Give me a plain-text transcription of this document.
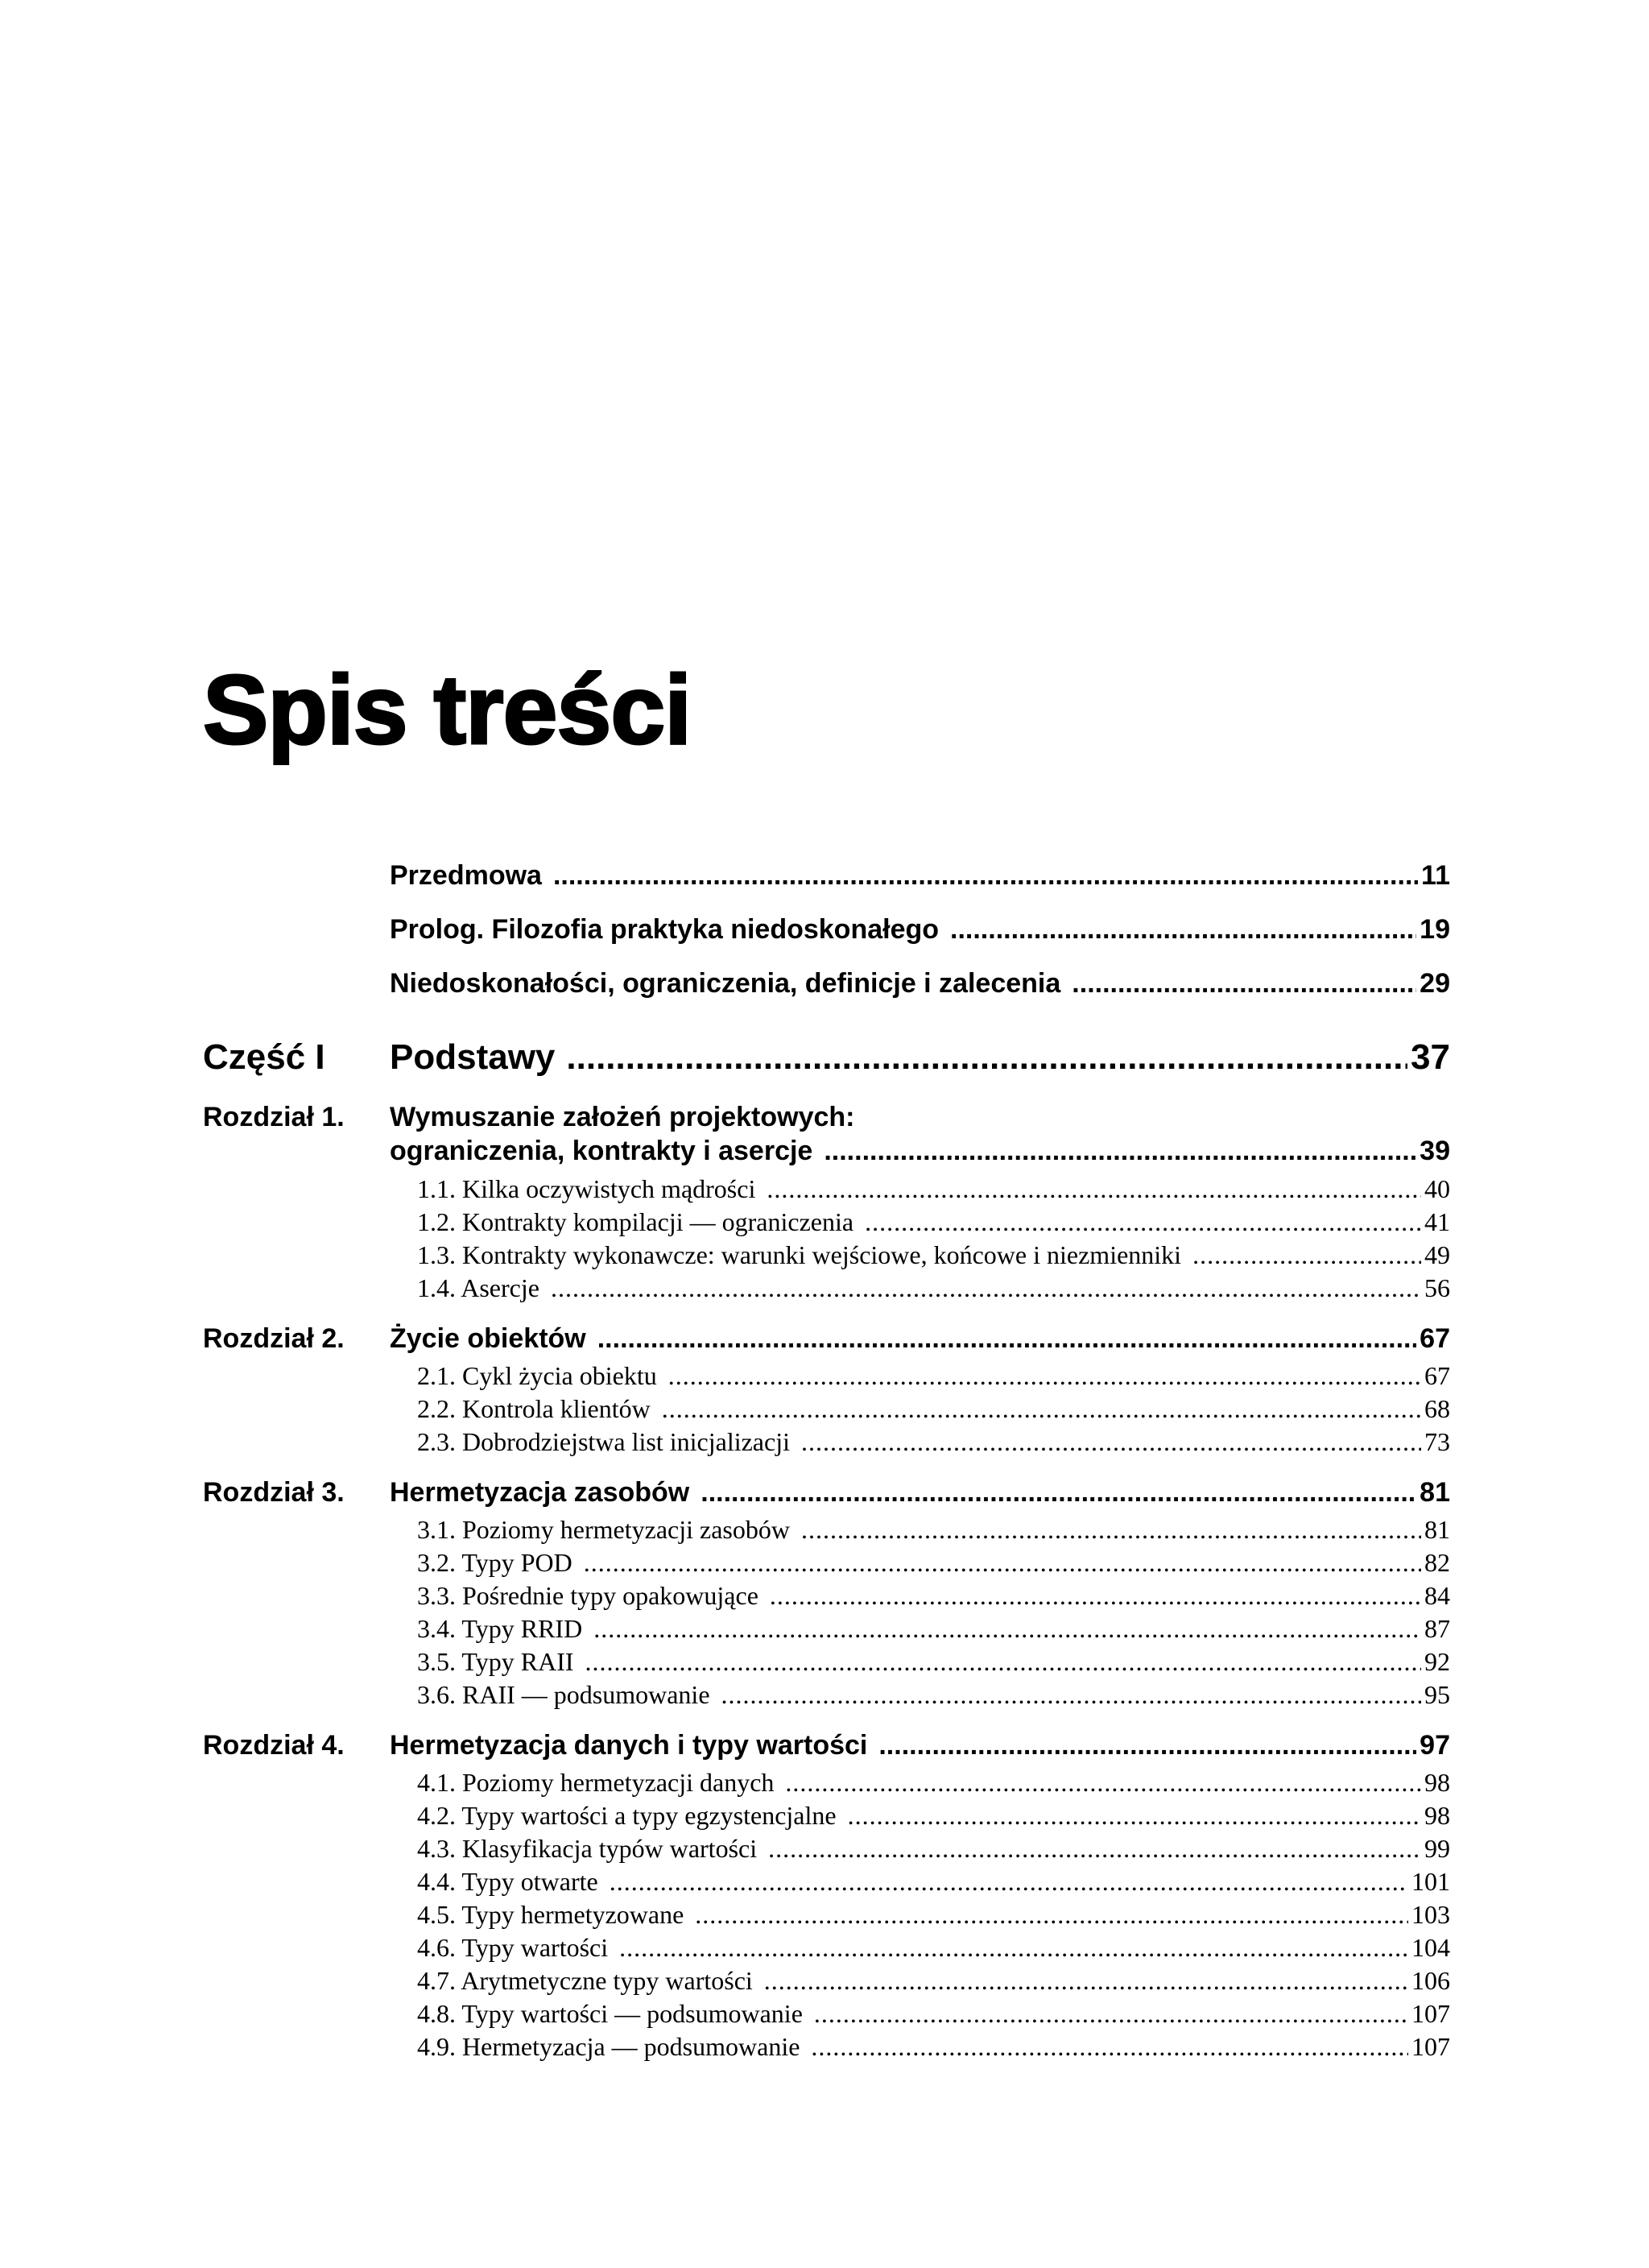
Spis treści
Przedmowa .....	11
Prolog. Filozofia praktyka niedoskonałego .....	19
Niedoskonałości, ograniczenia, definicje i zalecenia .....	29
Część I Podstawy .....	37
Rozdział 1. Wymuszanie założeń projektowych:
ograniczenia, kontrakty i asercje .....	39
1.1. Kilka oczywistych mądrości .....	40
1.2. Kontrakty kompilacji — ograniczenia .....	41
1.3. Kontrakty wykonawcze: warunki wejściowe, końcowe i niezmienniki .....	49
1.4. Asercje .....	56
Rozdział 2. Życie obiektów .....	67
2.1. Cykl życia obiektu .....	67
2.2. Kontrola klientów .....	68
2.3. Dobrodziejstwa list inicjalizacji .....	73
Rozdział 3. Hermetyzacja zasobów .....	81
3.1. Poziomy hermetyzacji zasobów .....	81
3.2. Typy POD .....	82
3.3. Pośrednie typy opakowujące .....	84
3.4. Typy RRID .....	87
3.5. Typy RAII .....	92
3.6. RAII — podsumowanie .....	95
Rozdział 4. Hermetyzacja danych i typy wartości .....	97
4.1. Poziomy hermetyzacji danych .....	98
4.2. Typy wartości a typy egzystencjalne .....	98
4.3. Klasyfikacja typów wartości .....	99
4.4. Typy otwarte .....	101
4.5. Typy hermetyzowane .....	103
4.6. Typy wartości .....	104
4.7. Arytmetyczne typy wartości .....	106
4.8. Typy wartości — podsumowanie .....	107
4.9. Hermetyzacja — podsumowanie .....	107
